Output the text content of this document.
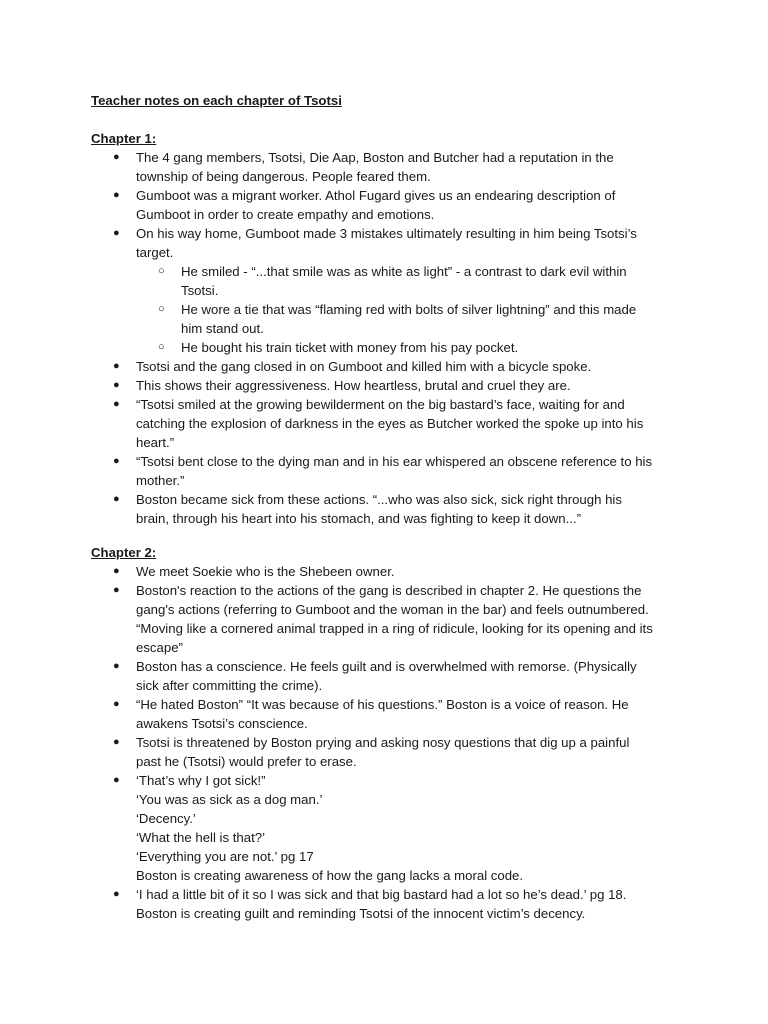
Teacher notes on each chapter of Tsotsi
Chapter 1:
● The 4 gang members, Tsotsi, Die Aap, Boston and Butcher had a reputation in the
township of being dangerous. People feared them.
● Gumboot was a migrant worker. Athol Fugard gives us an endearing description of
Gumboot in order to create empathy and emotions.
● On his way home, Gumboot made 3 mistakes ultimately resulting in him being Tsotsi’s
target.
○ He smiled - “...that smile was as white as light” - a contrast to dark evil within
Tsotsi.
○ He wore a tie that was “flaming red with bolts of silver lightning” and this made
him stand out.
○ He bought his train ticket with money from his pay pocket.
● Tsotsi and the gang closed in on Gumboot and killed him with a bicycle spoke.
● This shows their aggressiveness. How heartless, brutal and cruel they are.
● “Tsotsi smiled at the growing bewilderment on the big bastard’s face, waiting for and
catching the explosion of darkness in the eyes as Butcher worked the spoke up into his
heart.”
● “Tsotsi bent close to the dying man and in his ear whispered an obscene reference to his
mother.”
● Boston became sick from these actions. “...who was also sick, sick right through his
brain, through his heart into his stomach, and was fighting to keep it down...”
Chapter 2:
● We meet Soekie who is the Shebeen owner.
● Boston's reaction to the actions of the gang is described in chapter 2. He questions the
gang's actions (referring to Gumboot and the woman in the bar) and feels outnumbered.
“Moving like a cornered animal trapped in a ring of ridicule, looking for its opening and its
escape”
● Boston has a conscience. He feels guilt and is overwhelmed with remorse. (Physically
sick after committing the crime).
● “He hated Boston” “It was because of his questions.” Boston is a voice of reason. He
awakens Tsotsi’s conscience.
● Tsotsi is threatened by Boston prying and asking nosy questions that dig up a painful
past he (Tsotsi) would prefer to erase.
● ‘That’s why I got sick!”
‘You was as sick as a dog man.’
‘Decency.’
‘What the hell is that?’
‘Everything you are not.’ pg 17
Boston is creating awareness of how the gang lacks a moral code.
● ‘I had a little bit of it so I was sick and that big bastard had a lot so he’s dead.’ pg 18.
Boston is creating guilt and reminding Tsotsi of the innocent victim’s decency.
